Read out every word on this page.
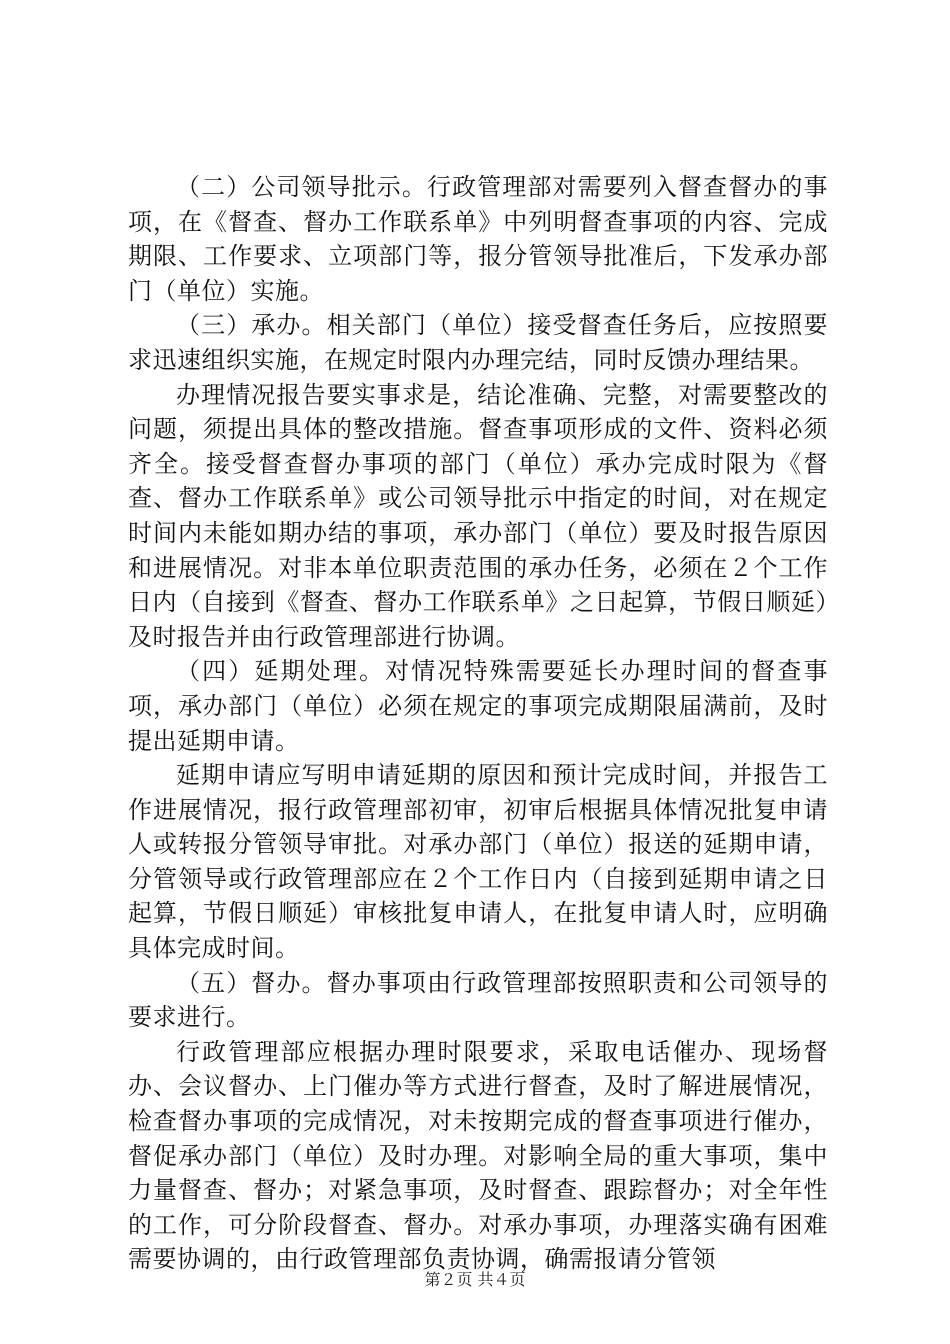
（二）公司领导批示。行政管理部对需要列入督查督办的事项，在《督查、督办工作联系单》中列明督查事项的内容、完成期限、工作要求、立项部门等，报分管领导批准后，下发承办部门（单位）实施。

（三）承办。相关部门（单位）接受督查任务后，应按照要求迅速组织实施，在规定时限内办理完结，同时反馈办理结果。

办理情况报告要实事求是，结论准确、完整，对需要整改的问题，须提出具体的整改措施。督查事项形成的文件、资料必须齐全。接受督查督办事项的部门（单位）承办完成时限为《督查、督办工作联系单》或公司领导批示中指定的时间，对在规定时间内未能如期办结的事项，承办部门（单位）要及时报告原因和进展情况。对非本单位职责范围的承办任务，必须在２个工作日内（自接到《督查、督办工作联系单》之日起算，节假日顺延）及时报告并由行政管理部进行协调。

（四）延期处理。对情况特殊需要延长办理时间的督查事项，承办部门（单位）必须在规定的事项完成期限届满前，及时提出延期申请。

延期申请应写明申请延期的原因和预计完成时间，并报告工作进展情况，报行政管理部初审，初审后根据具体情况批复申请人或转报分管领导审批。对承办部门（单位）报送的延期申请，分管领导或行政管理部应在２个工作日内（自接到延期申请之日起算，节假日顺延）审核批复申请人，在批复申请人时，应明确具体完成时间。

（五）督办。督办事项由行政管理部按照职责和公司领导的要求进行。

行政管理部应根据办理时限要求，采取电话催办、现场督办、会议督办、上门催办等方式进行督查，及时了解进展情况，检查督办事项的完成情况，对未按期完成的督查事项进行催办，督促承办部门（单位）及时办理。对影响全局的重大事项，集中力量督查、督办；对紧急事项，及时督查、跟踪督办；对全年性的工作，可分阶段督查、督办。对承办事项，办理落实确有困难需要协调的，由行政管理部负责协调，确需报请分管领

第２页 共４页
